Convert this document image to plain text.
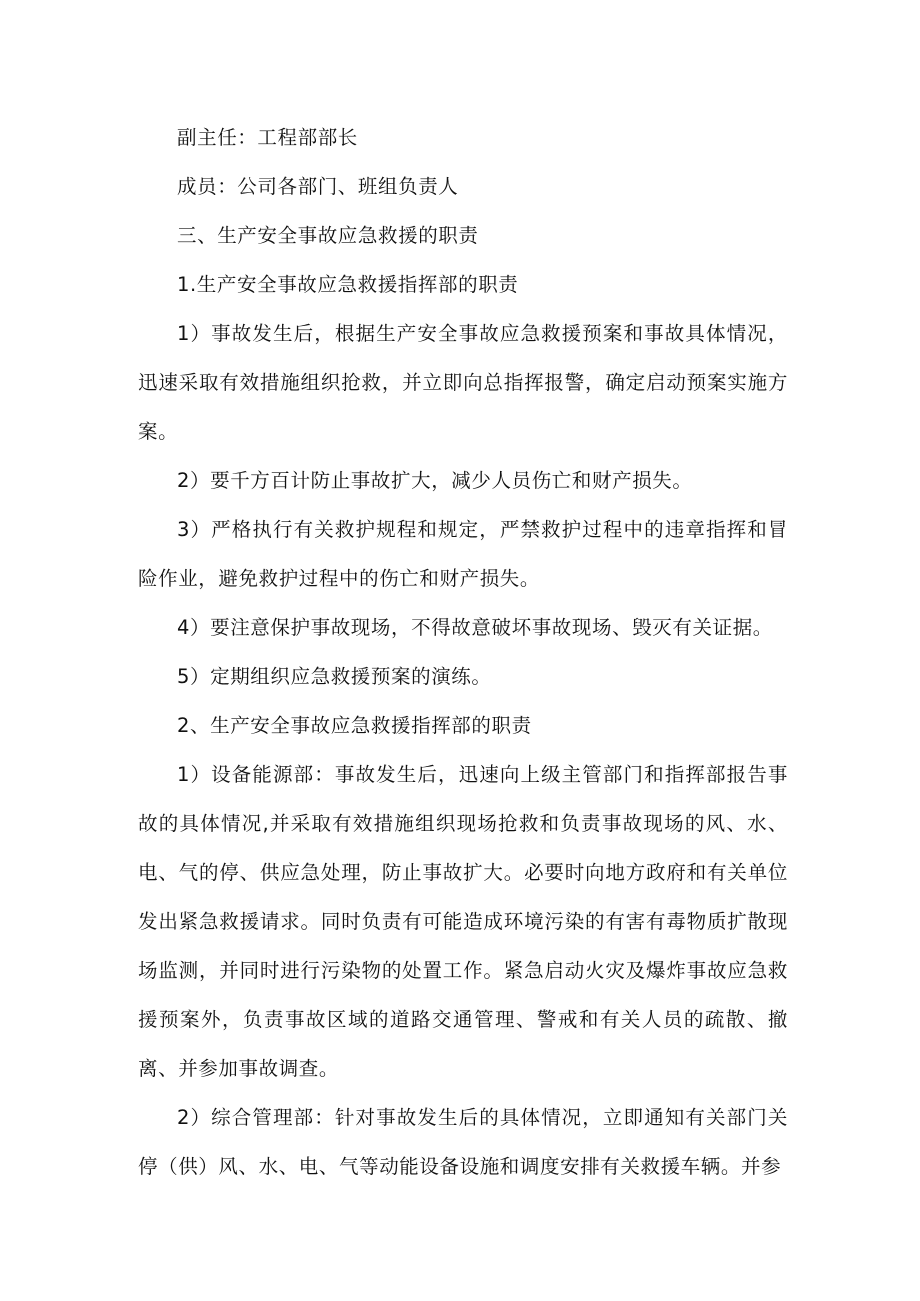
副主任：工程部部长

成员：公司各部门、班组负责人

三、生产安全事故应急救援的职责

1.生产安全事故应急救援指挥部的职责

1）事故发生后，根据生产安全事故应急救援预案和事故具体情况，迅速采取有效措施组织抢救，并立即向总指挥报警，确定启动预案实施方案。

2）要千方百计防止事故扩大，减少人员伤亡和财产损失。

3）严格执行有关救护规程和规定，严禁救护过程中的违章指挥和冒险作业，避免救护过程中的伤亡和财产损失。

4）要注意保护事故现场，不得故意破坏事故现场、毁灭有关证据。

5）定期组织应急救援预案的演练。

2、生产安全事故应急救援指挥部的职责

1）设备能源部：事故发生后，迅速向上级主管部门和指挥部报告事故的具体情况,并采取有效措施组织现场抢救和负责事故现场的风、水、电、气的停、供应急处理，防止事故扩大。必要时向地方政府和有关单位发出紧急救援请求。同时负责有可能造成环境污染的有害有毒物质扩散现场监测，并同时进行污染物的处置工作。紧急启动火灾及爆炸事故应急救援预案外，负责事故区域的道路交通管理、警戒和有关人员的疏散、撤离、并参加事故调查。

2）综合管理部：针对事故发生后的具体情况，立即通知有关部门关停（供）风、水、电、气等动能设备设施和调度安排有关救援车辆。并参
